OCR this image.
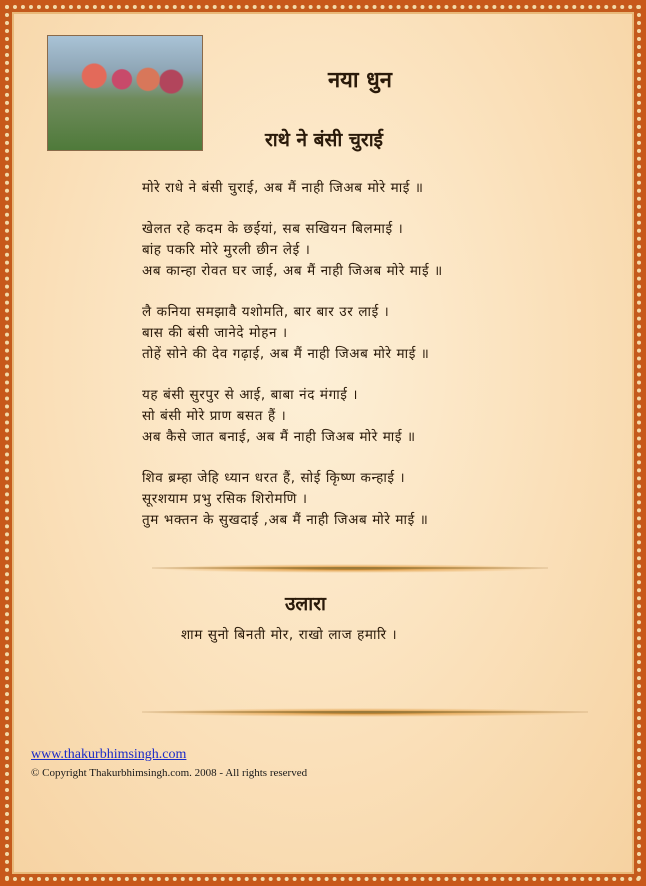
नया धुन
राथे ने बंसी चुराई
मोरे राधे ने बंसी चुराई, अब मैं नाही जिअब मोरे माई ॥
खेलत रहे कदम के छईयां, सब सखियन बिलमाई ।
बांह पकरि मोरे मुरली छीन लेई ।
अब कान्हा रोवत घर जाई, अब मैं नाही जिअब मोरे माई ॥
लै कनिया समझावै यशोमति, बार बार उर लाई ।
बास की बंसी जानेदे मोहन ।
तोहें सोने की देव गढ़ाई, अब मैं नाही जिअब मोरे माई ॥
यह बंसी सुरपुर से आई, बाबा नंद मंगाई ।
सो बंसी मोरे प्राण बसत हैं ।
अब कैसे जात बनाई, अब मैं नाही जिअब मोरे माई ॥
शिव ब्रम्हा जेहि ध्यान धरत हैं, सोई किृष्ण कन्हाई ।
सूरशयाम प्रभु रसिक शिरोमणि ।
तुम भक्तन के सुखदाई ,अब मैं नाही जिअब मोरे माई ॥
उलारा
शाम सुनो बिनती मोर, राखो लाज हमारि ।
www.thakurbhimsingh.com
© Copyright Thakurbhimsingh.com. 2008 - All rights reserved
